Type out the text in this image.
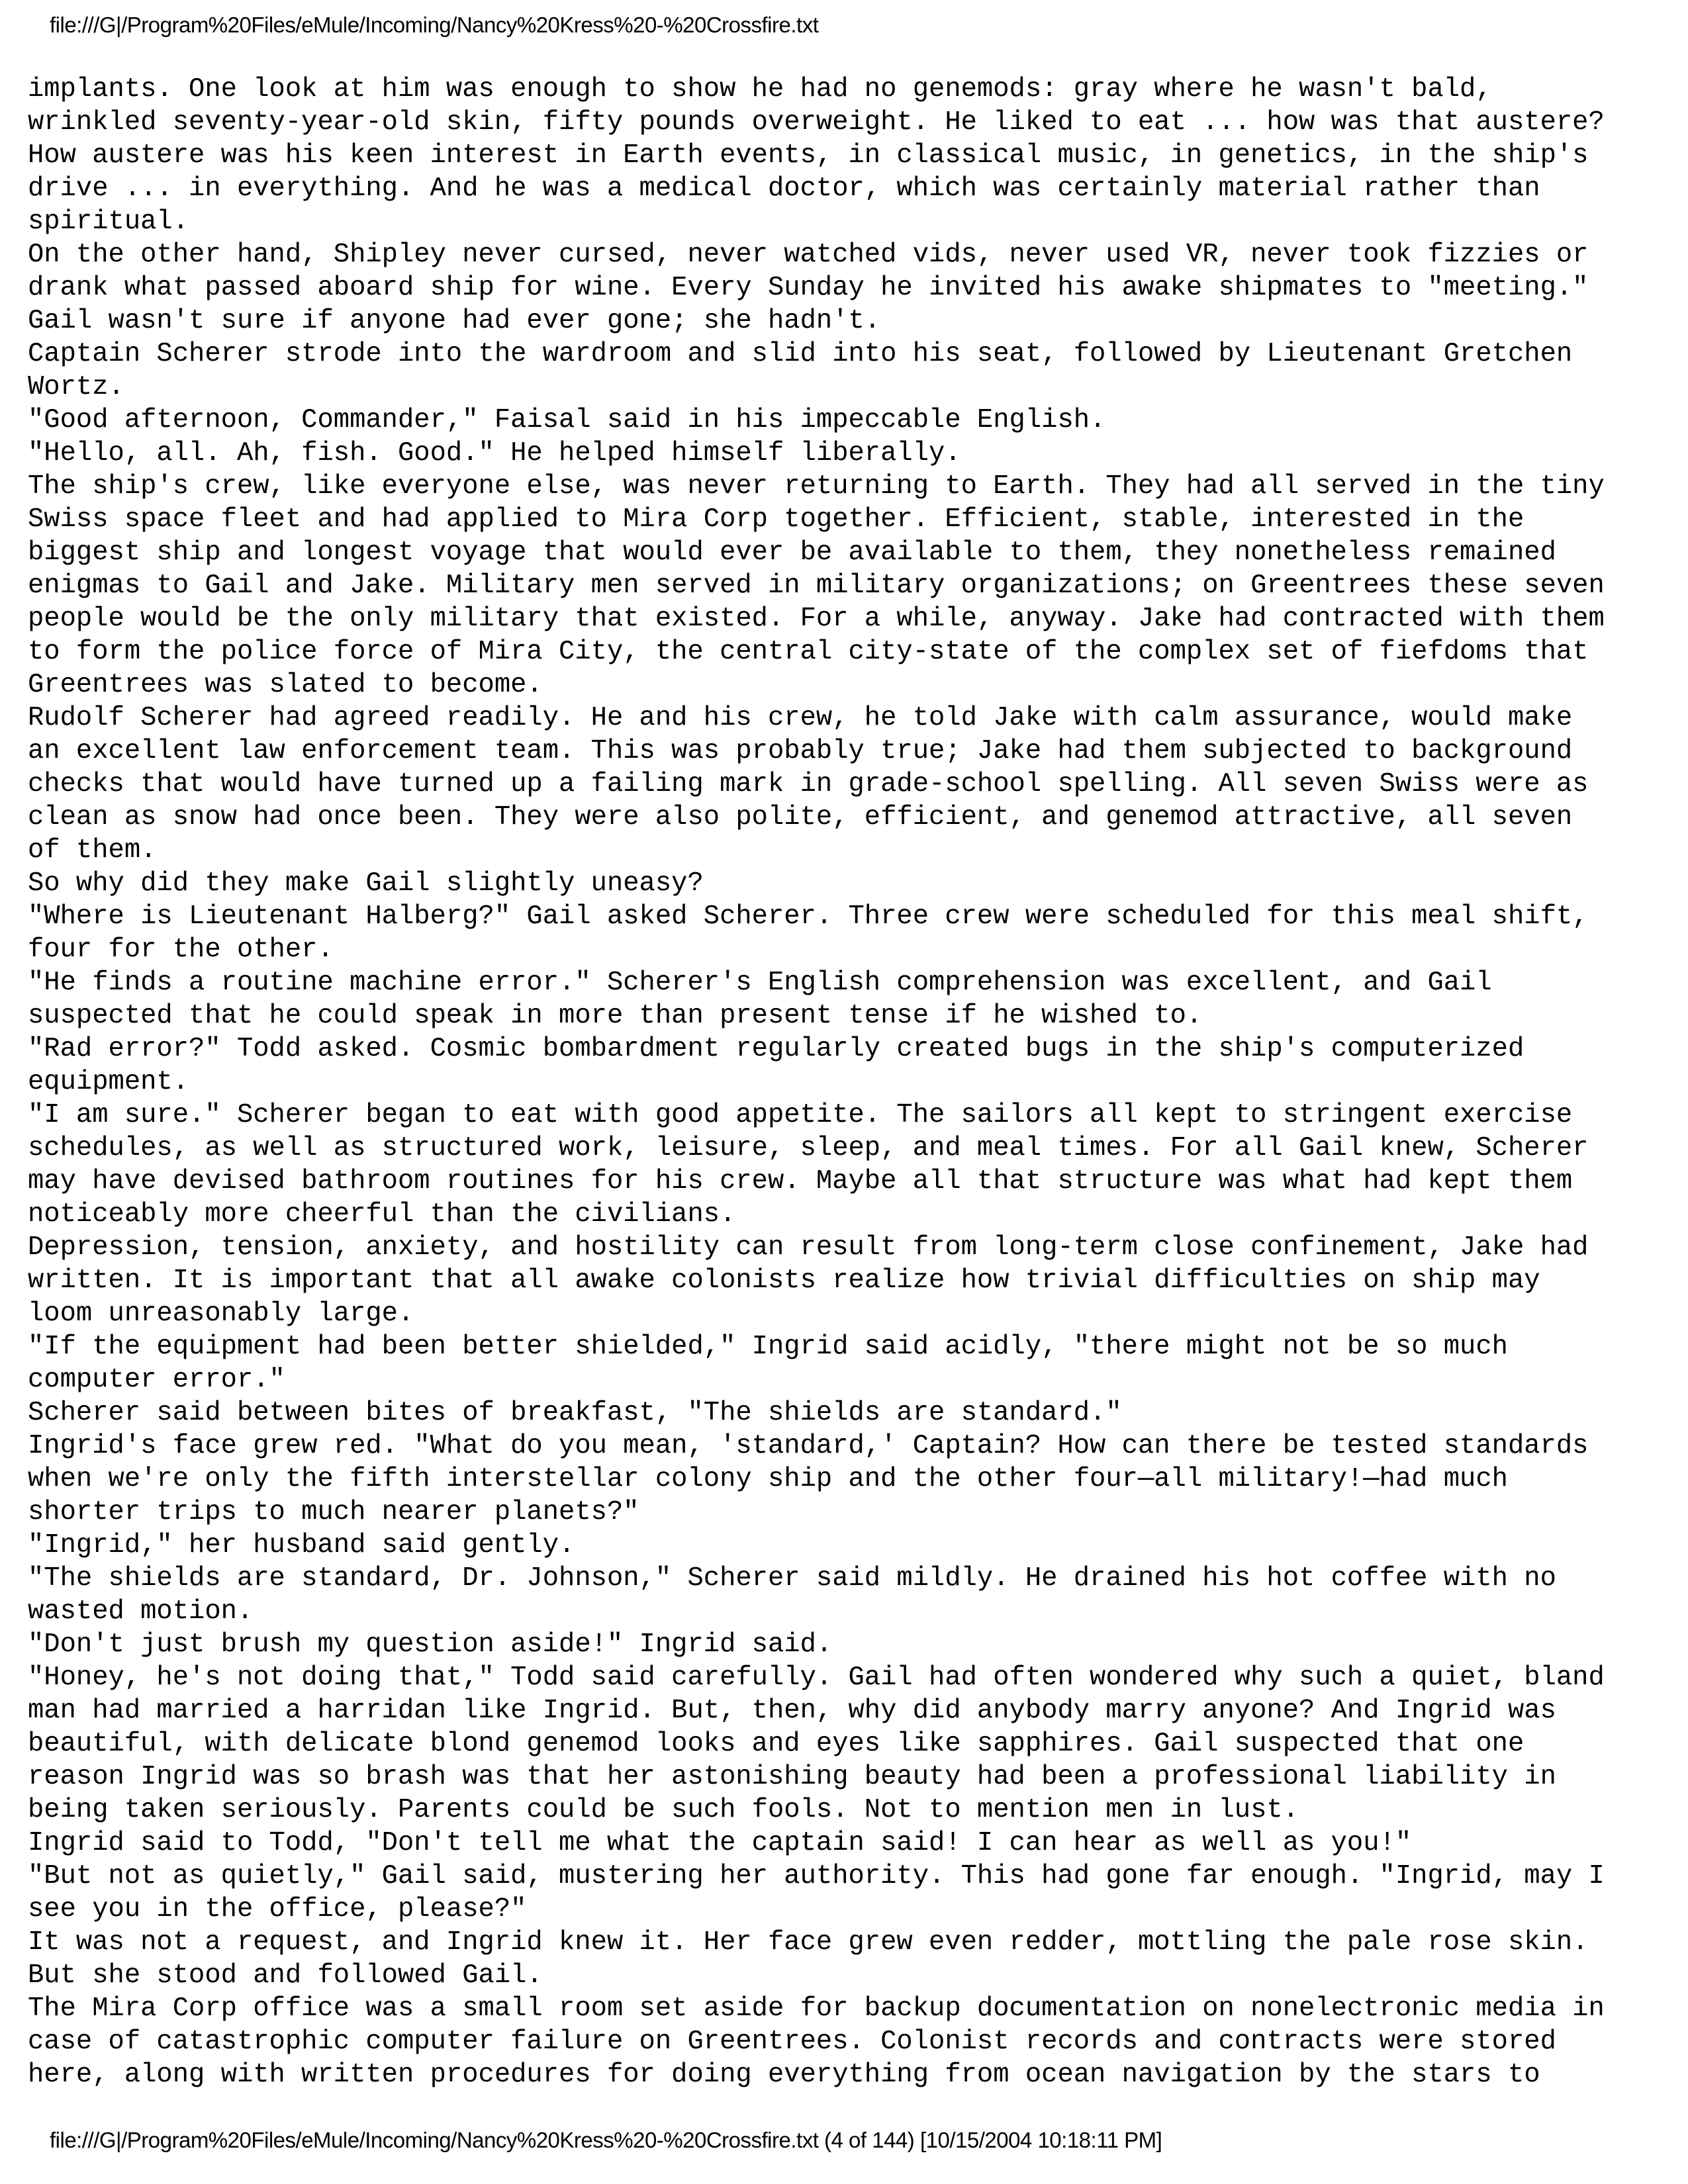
file:///G|/Program%20Files/eMule/Incoming/Nancy%20Kress%20-%20Crossfire.txt
implants. One look at him was enough to show he had no genemods: gray where he wasn't bald,
wrinkled seventy-year-old skin, fifty pounds overweight. He liked to eat ... how was that austere?
How austere was his keen interest in Earth events, in classical music, in genetics, in the ship's
drive ... in everything. And he was a medical doctor, which was certainly material rather than
spiritual.
On the other hand, Shipley never cursed, never watched vids, never used VR, never took fizzies or
drank what passed aboard ship for wine. Every Sunday he invited his awake shipmates to "meeting."
Gail wasn't sure if anyone had ever gone; she hadn't.
Captain Scherer strode into the wardroom and slid into his seat, followed by Lieutenant Gretchen
Wortz.
"Good afternoon, Commander," Faisal said in his impeccable English.
"Hello, all. Ah, fish. Good." He helped himself liberally.
The ship's crew, like everyone else, was never returning to Earth. They had all served in the tiny
Swiss space fleet and had applied to Mira Corp together. Efficient, stable, interested in the
biggest ship and longest voyage that would ever be available to them, they nonetheless remained
enigmas to Gail and Jake. Military men served in military organizations; on Greentrees these seven
people would be the only military that existed. For a while, anyway. Jake had contracted with them
to form the police force of Mira City, the central city-state of the complex set of fiefdoms that
Greentrees was slated to become.
Rudolf Scherer had agreed readily. He and his crew, he told Jake with calm assurance, would make
an excellent law enforcement team. This was probably true; Jake had them subjected to background
checks that would have turned up a failing mark in grade-school spelling. All seven Swiss were as
clean as snow had once been. They were also polite, efficient, and genemod attractive, all seven
of them.
So why did they make Gail slightly uneasy?
"Where is Lieutenant Halberg?" Gail asked Scherer. Three crew were scheduled for this meal shift,
four for the other.
"He finds a routine machine error." Scherer's English comprehension was excellent, and Gail
suspected that he could speak in more than present tense if he wished to.
"Rad error?" Todd asked. Cosmic bombardment regularly created bugs in the ship's computerized
equipment.
"I am sure." Scherer began to eat with good appetite. The sailors all kept to stringent exercise
schedules, as well as structured work, leisure, sleep, and meal times. For all Gail knew, Scherer
may have devised bathroom routines for his crew. Maybe all that structure was what had kept them
noticeably more cheerful than the civilians.
Depression, tension, anxiety, and hostility can result from long-term close confinement, Jake had
written. It is important that all awake colonists realize how trivial difficulties on ship may
loom unreasonably large.
"If the equipment had been better shielded," Ingrid said acidly, "there might not be so much
computer error."
Scherer said between bites of breakfast, "The shields are standard."
Ingrid's face grew red. "What do you mean, 'standard,' Captain? How can there be tested standards
when we're only the fifth interstellar colony ship and the other four—all military!—had much
shorter trips to much nearer planets?"
"Ingrid," her husband said gently.
"The shields are standard, Dr. Johnson," Scherer said mildly. He drained his hot coffee with no
wasted motion.
"Don't just brush my question aside!" Ingrid said.
"Honey, he's not doing that," Todd said carefully. Gail had often wondered why such a quiet, bland
man had married a harridan like Ingrid. But, then, why did anybody marry anyone? And Ingrid was
beautiful, with delicate blond genemod looks and eyes like sapphires. Gail suspected that one
reason Ingrid was so brash was that her astonishing beauty had been a professional liability in
being taken seriously. Parents could be such fools. Not to mention men in lust.
Ingrid said to Todd, "Don't tell me what the captain said! I can hear as well as you!"
"But not as quietly," Gail said, mustering her authority. This had gone far enough. "Ingrid, may I
see you in the office, please?"
It was not a request, and Ingrid knew it. Her face grew even redder, mottling the pale rose skin.
But she stood and followed Gail.
The Mira Corp office was a small room set aside for backup documentation on nonelectronic media in
case of catastrophic computer failure on Greentrees. Colonist records and contracts were stored
here, along with written procedures for doing everything from ocean navigation by the stars to
file:///G|/Program%20Files/eMule/Incoming/Nancy%20Kress%20-%20Crossfire.txt (4 of 144) [10/15/2004 10:18:11 PM]
